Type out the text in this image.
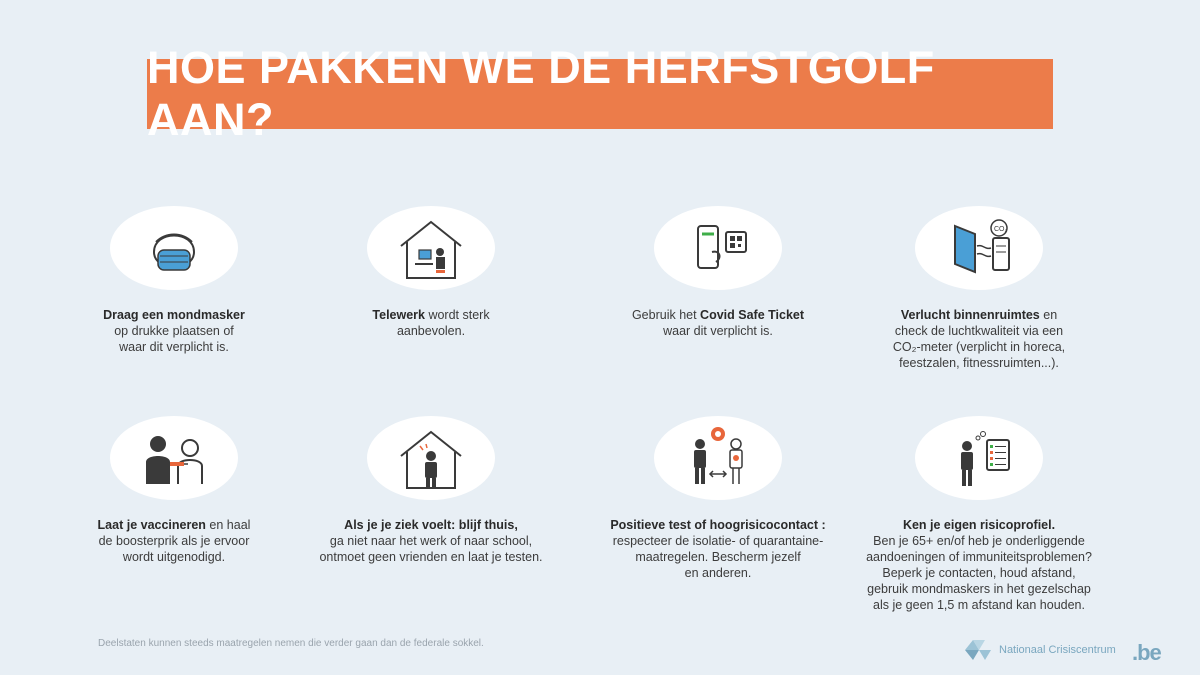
HOE PAKKEN WE DE HERFSTGOLF AAN?
Draag een mondmasker
op drukke plaatsen of
waar dit verplicht is.
Telewerk wordt sterk
aanbevolen.
Gebruik het Covid Safe Ticket
waar dit verplicht is.
CO₂
Verlucht binnenruimtes en
check de luchtkwaliteit via een
CO₂-meter (verplicht in horeca,
feestzalen, fitnessruimten...).
Laat je vaccineren en haal
de boosterprik als je ervoor
wordt uitgenodigd.
Als je je ziek voelt: blijf thuis,
ga niet naar het werk of naar school,
ontmoet geen vrienden en laat je testen.
Positieve test of hoogrisicocontact :
respecteer de isolatie- of quarantaine-
maatregelen. Bescherm jezelf
en anderen.
Ken je eigen risicoprofiel.
Ben je 65+ en/of heb je onderliggende
aandoeningen of immuniteitsproblemen?
Beperk je contacten, houd afstand,
gebruik mondmaskers in het gezelschap
als je geen 1,5 m afstand kan houden.
Deelstaten kunnen steeds maatregelen nemen die verder gaan dan de federale sokkel.
Nationaal Crisiscentrum .be
